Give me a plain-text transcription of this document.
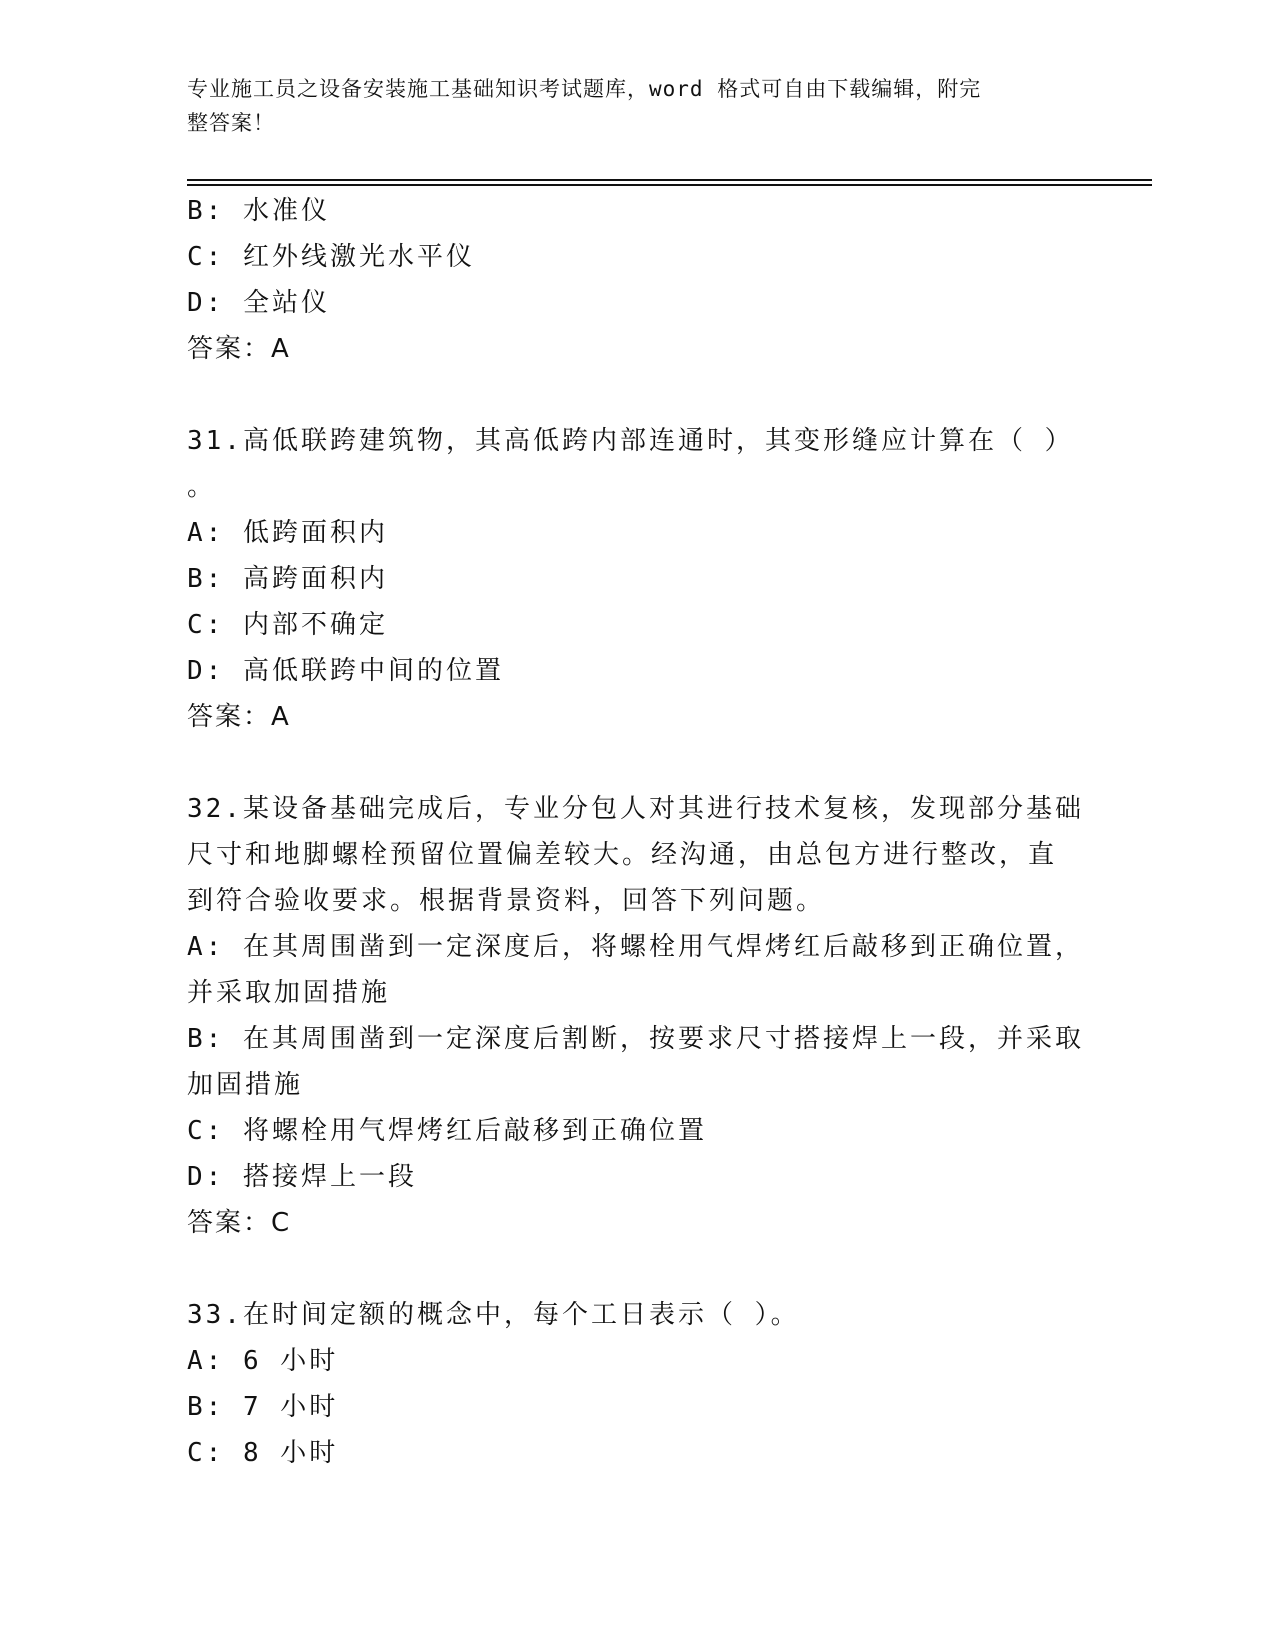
专业施工员之设备安装施工基础知识考试题库，word 格式可自由下载编辑，附完
整答案！
B: 水准仪
C: 红外线激光水平仪
D: 全站仪
答案：A
31.高低联跨建筑物，其高低跨内部连通时，其变形缝应计算在（ ）
。
A: 低跨面积内
B: 高跨面积内
C: 内部不确定
D: 高低联跨中间的位置
答案：A
32.某设备基础完成后，专业分包人对其进行技术复核，发现部分基础
尺寸和地脚螺栓预留位置偏差较大。经沟通，由总包方进行整改，直
到符合验收要求。根据背景资料，回答下列问题。
A: 在其周围凿到一定深度后，将螺栓用气焊烤红后敲移到正确位置，
并采取加固措施
B: 在其周围凿到一定深度后割断，按要求尺寸搭接焊上一段，并采取
加固措施
C: 将螺栓用气焊烤红后敲移到正确位置
D: 搭接焊上一段
答案：C
33.在时间定额的概念中，每个工日表示（ ）。
A: 6 小时
B: 7 小时
C: 8 小时
